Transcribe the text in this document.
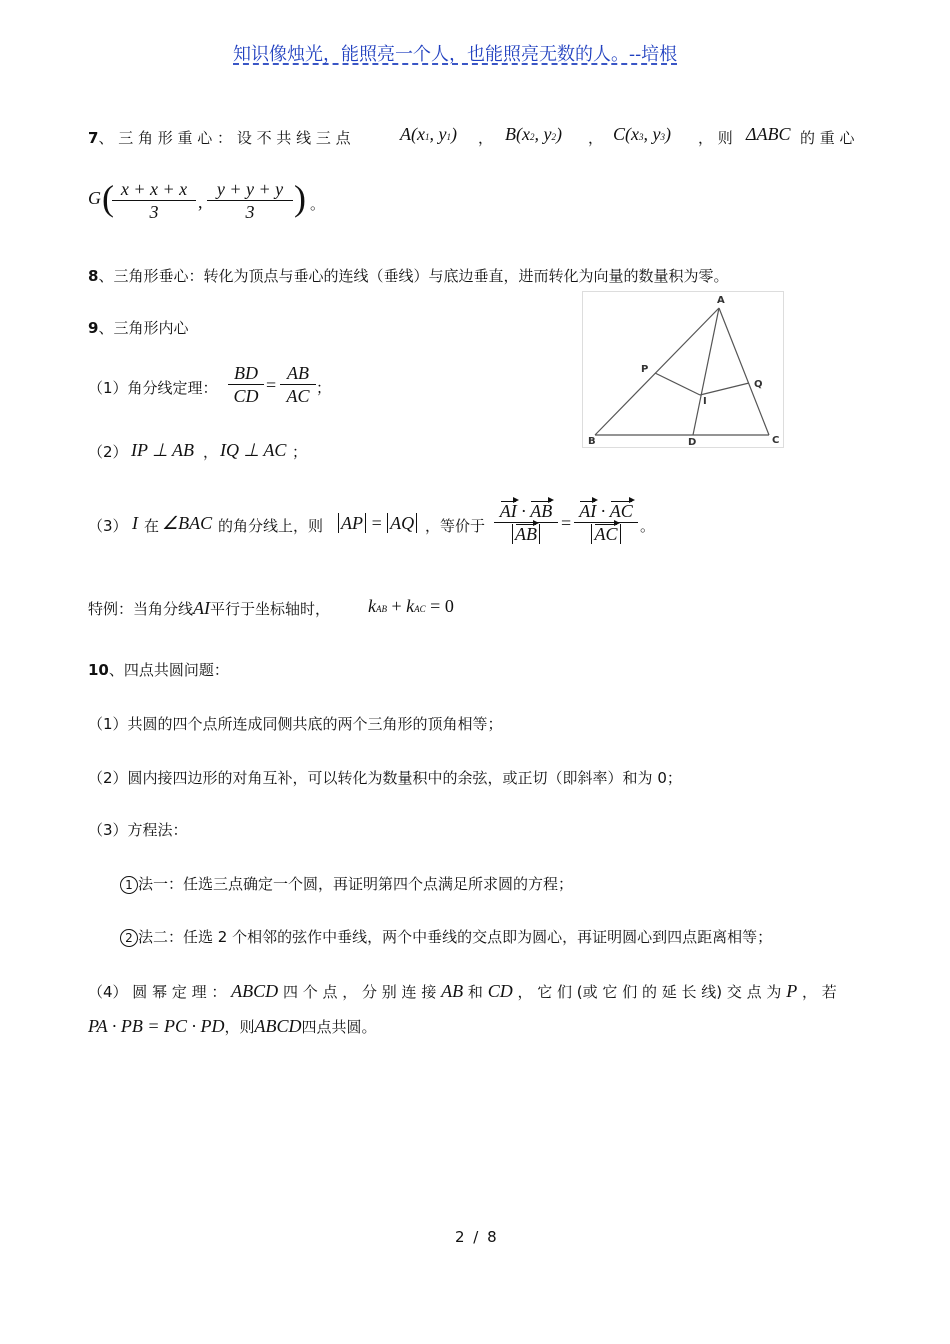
知识像烛光，能照亮一个人，也能照亮无数的人。--培根
7、 三 角 形 重 心 ： 设 不 共 线 三 点	A(x1, y1) ， B(x2, y2) ， C(x3, y3) ， 则 ΔABC 的 重 心
G (
$\frac{x + x + x}{3}$ , $\frac{y + y + y}{3}$ ) 。
8、三角形垂心：转化为顶点与垂心的连线（垂线）与底边垂直，进而转化为向量的数量积为零。
9、三角形内心
（1）角分线定理： $\frac{BD}{CD} = \frac{AB}{AC}$ ；
（2） IP ⊥ AB ， IQ ⊥ AC ；
（3） I 在 ∠BAC 的角分线上，则 AP = AQ ，等价于 $\frac{AI \cdot AB}{AB} = \frac{AI \cdot AC}{AC}$ 。
特例：当角分线AI平行于坐标轴时， kAB + kAC = 0
A
P
Q
I
B	D	C
10、四点共圆问题：
（1）共圆的四个点所连成同侧共底的两个三角形的顶角相等；
（2）圆内接四边形的对角互补，可以转化为数量积中的余弦，或正切（即斜率）和为 0；
（3）方程法：
1 法一：任选三点确定一个圆，再证明第四个点满足所求圆的方程；
2 法二：任选 2 个相邻的弦作中垂线，两个中垂线的交点即为圆心，再证明圆心到四点距离相等；
（4） 圆 幂 定 理 ： ABCD 四 个 点 ， 分 别 连 接 AB 和 CD ， 它 们 (或 它 们 的 延 长 线) 交 点 为 P ， 若
PA · PB = PC · PD，则ABCD四点共圆。
2 / 8
